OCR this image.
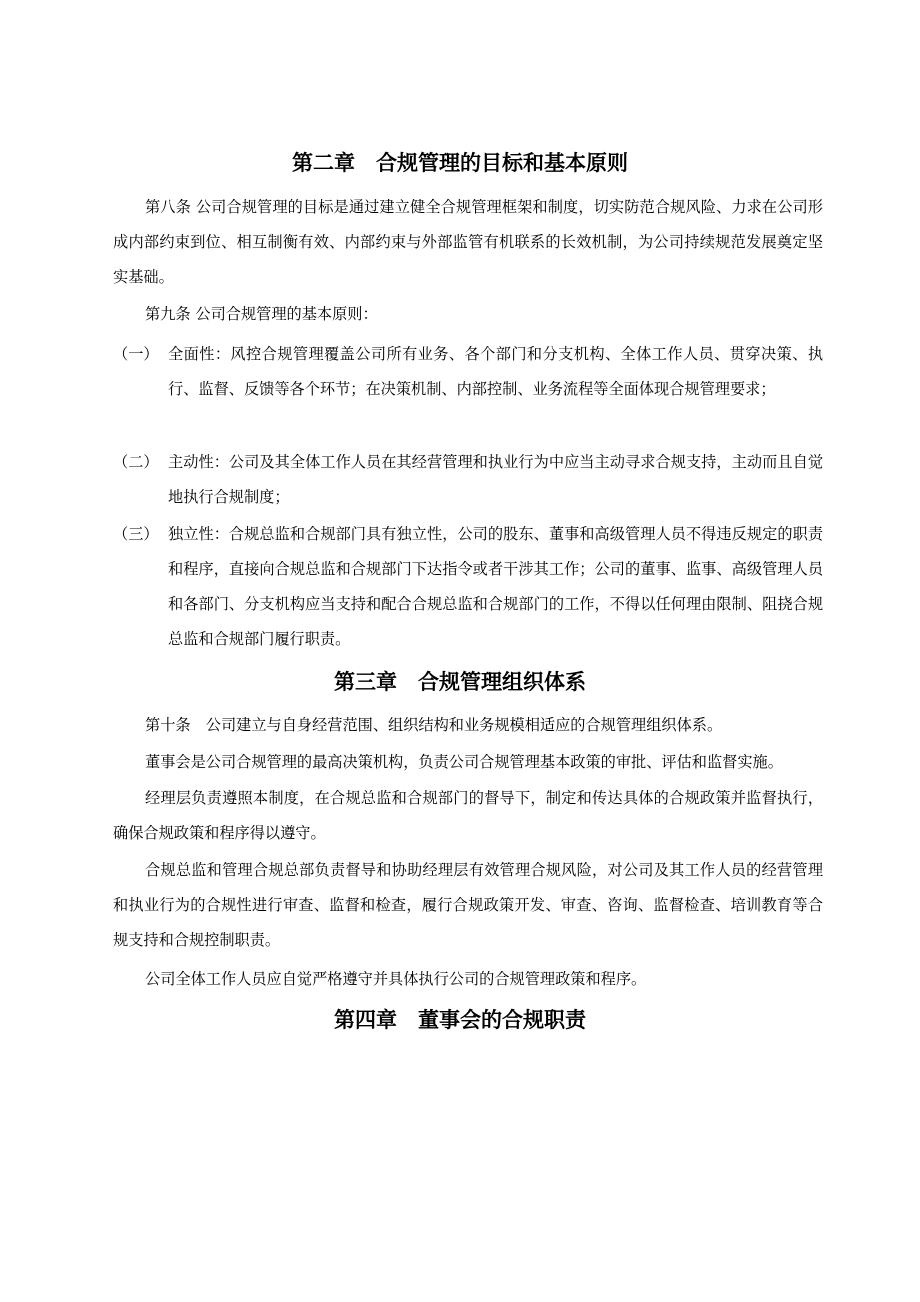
第二章　合规管理的目标和基本原则
第八条 公司合规管理的目标是通过建立健全合规管理框架和制度，切实防范合规风险、力求在公司形成内部约束到位、相互制衡有效、内部约束与外部监管有机联系的长效机制，为公司持续规范发展奠定坚实基础。
第九条 公司合规管理的基本原则：
（一） 全面性：风控合规管理覆盖公司所有业务、各个部门和分支机构、全体工作人员、贯穿决策、执行、监督、反馈等各个环节；在决策机制、内部控制、业务流程等全面体现合规管理要求；
（二） 主动性：公司及其全体工作人员在其经营管理和执业行为中应当主动寻求合规支持，主动而且自觉地执行合规制度；
（三） 独立性：合规总监和合规部门具有独立性，公司的股东、董事和高级管理人员不得违反规定的职责和程序，直接向合规总监和合规部门下达指令或者干涉其工作；公司的董事、监事、高级管理人员和各部门、分支机构应当支持和配合合规总监和合规部门的工作，不得以任何理由限制、阻挠合规总监和合规部门履行职责。
第三章　合规管理组织体系
第十条　公司建立与自身经营范围、组织结构和业务规模相适应的合规管理组织体系。
董事会是公司合规管理的最高决策机构，负责公司合规管理基本政策的审批、评估和监督实施。
经理层负责遵照本制度，在合规总监和合规部门的督导下，制定和传达具体的合规政策并监督执行，确保合规政策和程序得以遵守。
合规总监和管理合规总部负责督导和协助经理层有效管理合规风险，对公司及其工作人员的经营管理和执业行为的合规性进行审查、监督和检查，履行合规政策开发、审查、咨询、监督检查、培训教育等合规支持和合规控制职责。
公司全体工作人员应自觉严格遵守并具体执行公司的合规管理政策和程序。
第四章　董事会的合规职责
